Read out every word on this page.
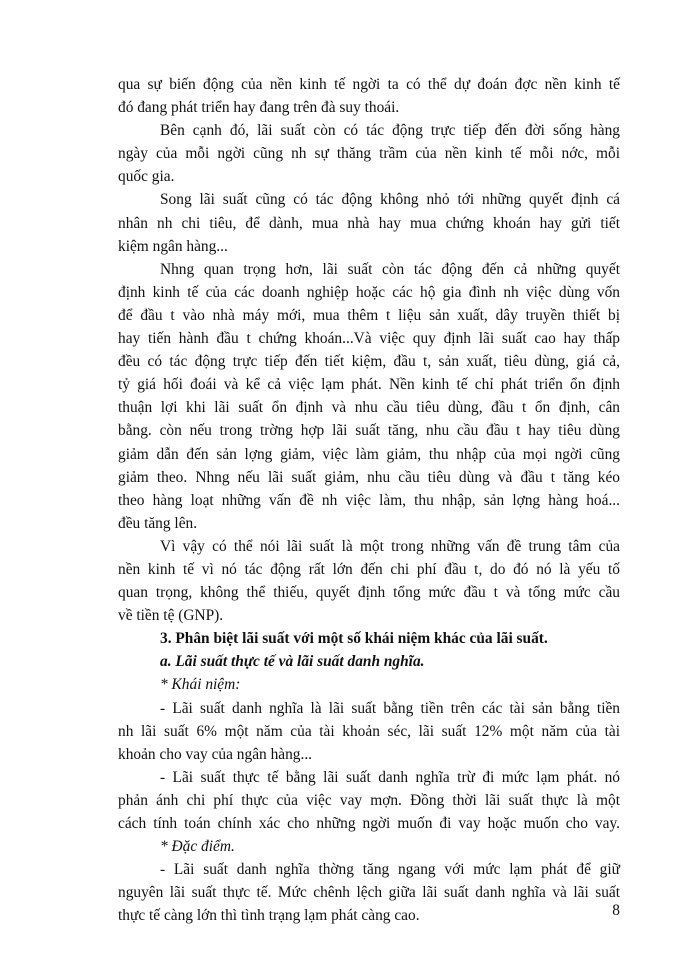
qua sự biến động của nền kinh tế ngời ta có thể dự đoán đợc nền kinh tế
đó đang phát triển hay đang trên đà suy thoái.
Bên cạnh đó, lãi suất còn có tác động trực tiếp đến đời sống hàng
ngày của mỗi ngời cũng nh sự thăng trầm của nền kinh tế mỗi nớc, mỗi
quốc gia.
Song lãi suất cũng có tác động không nhỏ tới những quyết định cá
nhân nh chi tiêu, để dành, mua nhà hay mua chứng khoán hay gửi tiết
kiệm ngân hàng...
Nhng quan trọng hơn, lãi suất còn tác động đến cả những quyết
định kinh tế của các doanh nghiệp hoặc các hộ gia đình nh việc dùng vốn
để đầu t vào nhà máy mới, mua thêm t liệu sản xuất, dây truyền thiết bị
hay tiến hành đầu t chứng khoán...Và việc quy định lãi suất cao hay thấp
đều có tác động trực tiếp đến tiết kiệm, đầu t, sản xuất, tiêu dùng, giá cả,
tỷ giá hối đoái và kể cả việc lạm phát. Nền kinh tế chỉ phát triển ổn định
thuận lợi khi lãi suất ổn định và nhu cầu tiêu dùng, đầu t ổn định, cân
bằng. còn nếu trong trờng hợp lãi suất tăng, nhu cầu đầu t hay tiêu dùng
giảm dẫn đến sản lợng giảm, việc làm giảm, thu nhập của mọi ngời cũng
giảm theo. Nhng nếu lãi suất giảm, nhu cầu tiêu dùng và đầu t tăng kéo
theo hàng loạt những vấn đề nh việc làm, thu nhập, sản lợng hàng hoá...
đều tăng lên.
Vì vậy có thể nói lãi suất là một trong những vấn đề trung tâm của
nền kinh tế vì nó tác động rất lớn đến chi phí đầu t, do đó nó là yếu tố
quan trọng, không thể thiếu, quyết định tổng mức đầu t và tổng mức cầu
về tiền tệ (GNP).
3. Phân biệt lãi suất với một số khái niệm khác của lãi suất.
a. Lãi suất thực tế và lãi suất danh nghĩa.
* Khái niệm:
- Lãi suất danh nghĩa là lãi suất bằng tiền trên các tài sản bằng tiền
nh lãi suất 6% một năm của tài khoản séc, lãi suất 12% một năm của tài
khoản cho vay của ngân hàng...
- Lãi suất thực tế bằng lãi suất danh nghĩa trừ đi mức lạm phát. nó
phản ánh chi phí thực của việc vay mợn. Đồng thời lãi suất thực là một
cách tính toán chính xác cho những ngời muốn đi vay hoặc muốn cho vay.
* Đặc điểm.
- Lãi suất danh nghĩa thờng tăng ngang với mức lạm phát để giữ
nguyên lãi suất thực tế. Mức chênh lệch giữa lãi suất danh nghĩa và lãi suất
thực tế càng lớn thì tình trạng lạm phát càng cao.	8
